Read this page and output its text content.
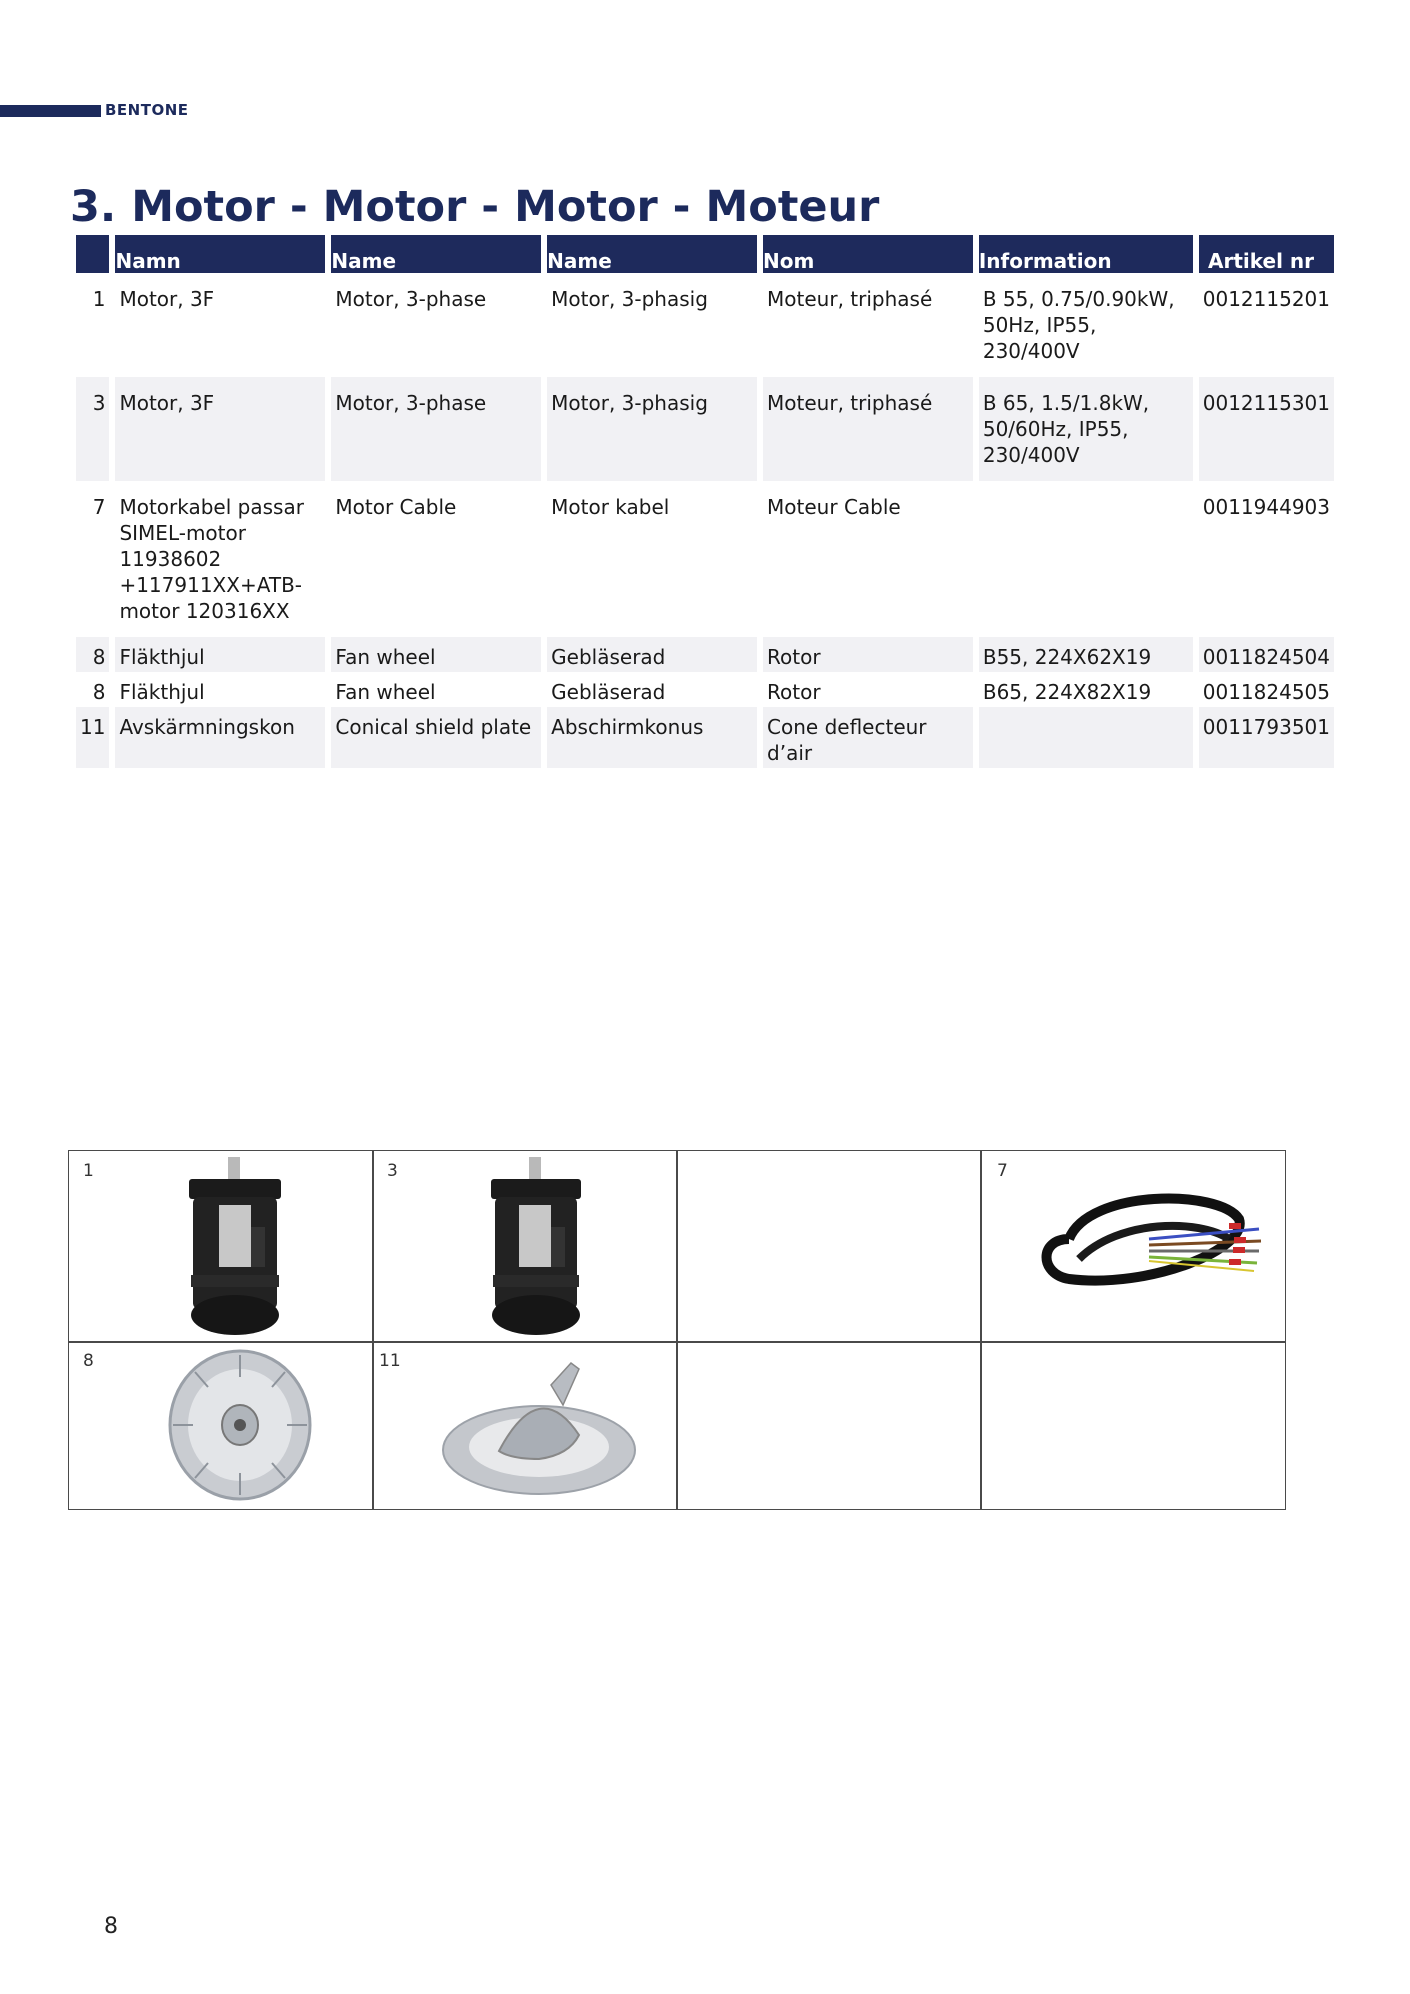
BENTONE
3. Motor - Motor - Motor - Moteur
	Namn	Name	Name	Nom	Information	Artikel nr
1	Motor, 3F	Motor, 3-phase	Motor, 3-phasig	Moteur, triphasé	B 55, 0.75/0.90kW, 50Hz, IP55, 230/400V	0012115201
3	Motor, 3F	Motor, 3-phase	Motor, 3-phasig	Moteur, triphasé	B 65, 1.5/1.8kW, 50/60Hz, IP55, 230/400V	0012115301
7	Motorkabel passar SIMEL-motor 11938602 +117911XX+ATB-motor 120316XX	Motor Cable	Motor kabel	Moteur Cable		0011944903
8	Fläkthjul	Fan wheel	Gebläserad	Rotor	B55, 224X62X19	0011824504
8	Fläkthjul	Fan wheel	Gebläserad	Rotor	B65, 224X82X19	0011824505
11	Avskärmningskon	Conical shield plate	Abschirmkonus	Cone deflecteur d’air		0011793501
1	3	7
8	11
8
